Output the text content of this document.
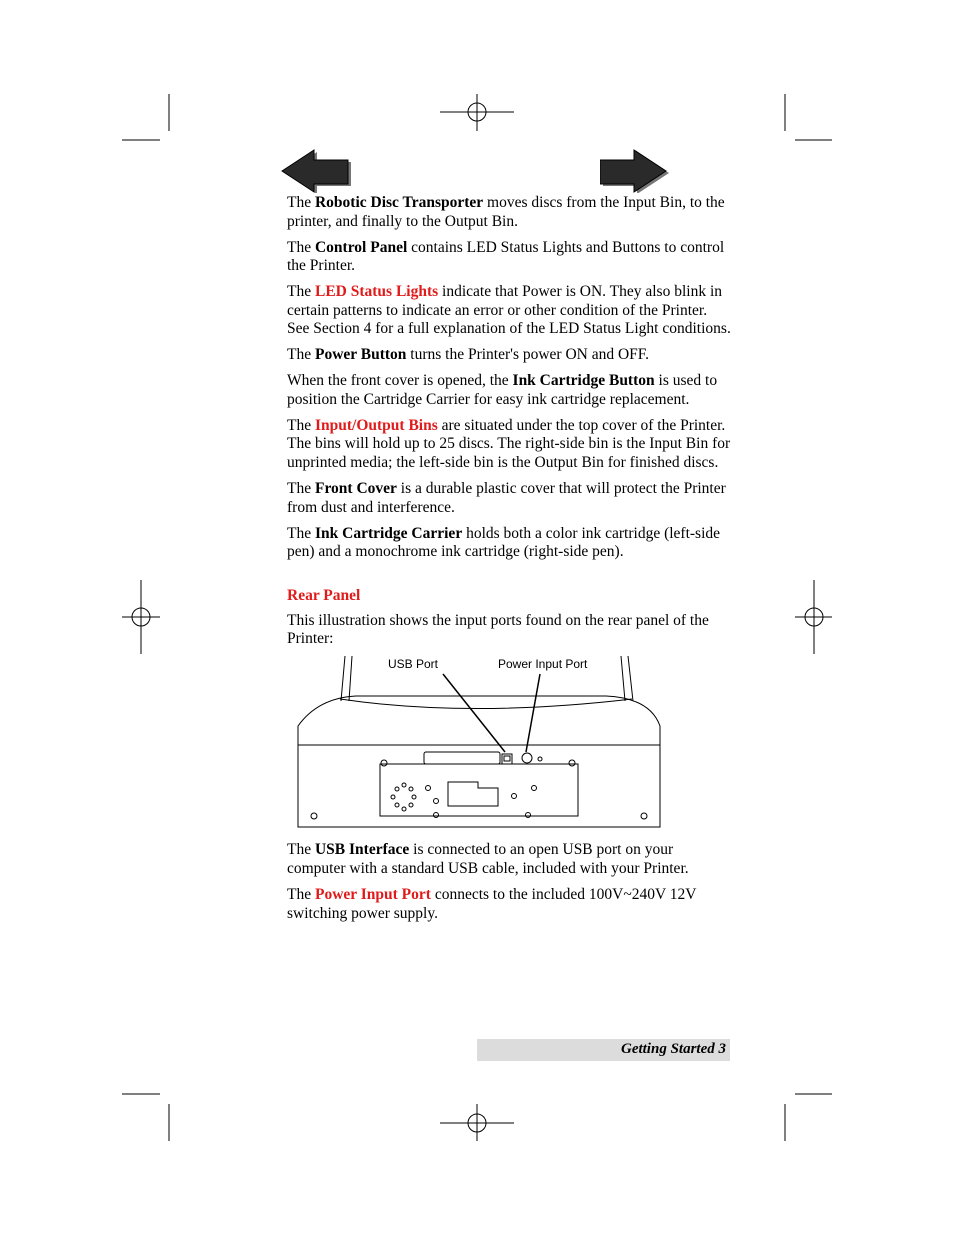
The Robotic Disc Transporter moves discs from the Input Bin, to the printer, and finally to the Output Bin.

The Control Panel contains LED Status Lights and Buttons to control the Printer.

The LED Status Lights indicate that Power is ON. They also blink in certain patterns to indicate an error or other condition of the Printer. See Section 4 for a full explanation of the LED Status Light conditions.

The Power Button turns the Printer's power ON and OFF.

When the front cover is opened, the Ink Cartridge Button is used to position the Cartridge Carrier for easy ink cartridge replacement.

The Input/Output Bins are situated under the top cover of the Printer. The bins will hold up to 25 discs. The right-side bin is the Input Bin for unprinted media; the left-side bin is the Output Bin for finished discs.

The Front Cover is a durable plastic cover that will protect the Printer from dust and interference.

The Ink Cartridge Carrier holds both a color ink cartridge (left-side pen) and a monochrome ink cartridge (right-side pen).

Rear Panel

This illustration shows the input ports found on the rear panel of the Printer:

USB Port	Power Input Port

The USB Interface is connected to an open USB port on your computer with a standard USB cable, included with your Printer.

The Power Input Port connects to the included 100V~240V 12V switching power supply.

Getting Started 3
